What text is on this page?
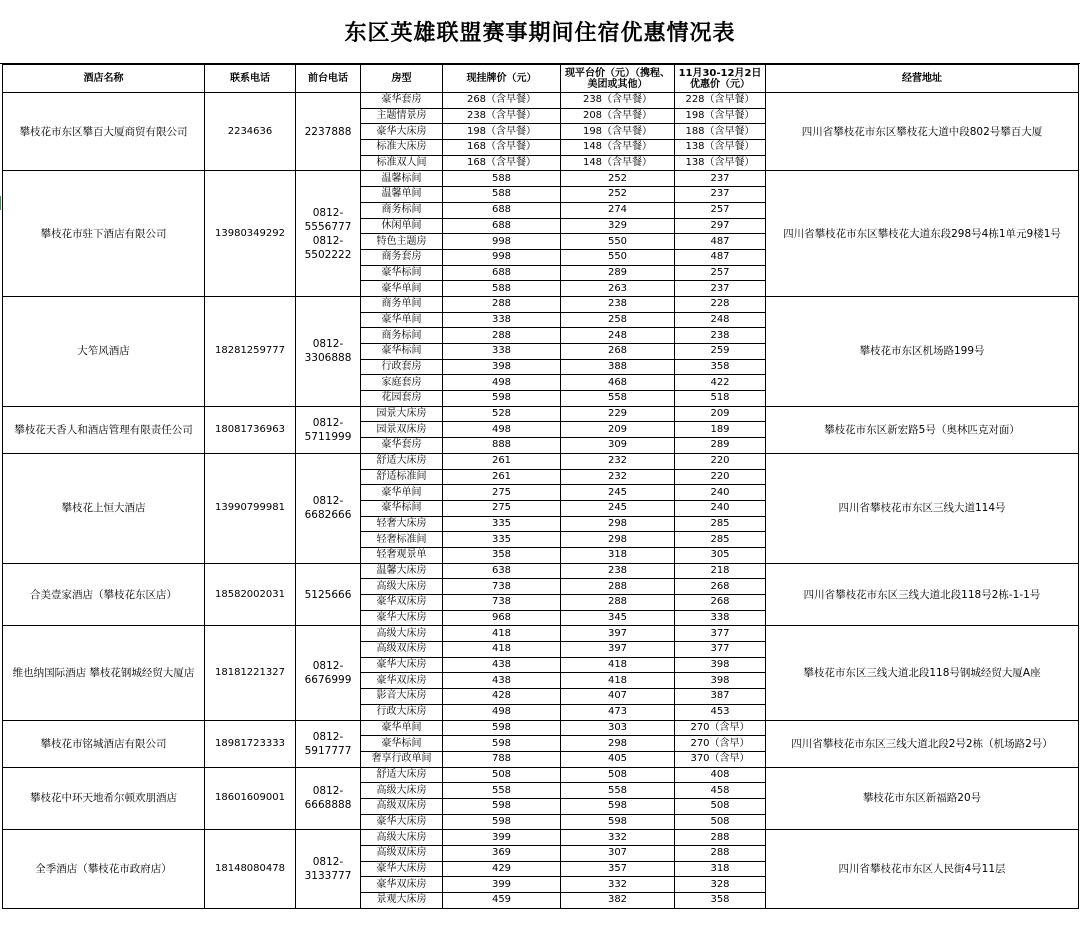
东区英雄联盟赛事期间住宿优惠情况表
酒店名称	联系电话	前台电话	房型	现挂牌价（元）	现平台价（元）（携程、美团或其他）	11月30-12月2日优惠价（元）	经营地址
攀枝花市东区攀百大厦商贸有限公司	2234636	2237888	豪华套房	268（含早餐）	238（含早餐）	228（含早餐）	四川省攀枝花市东区攀枝花大道中段802号攀百大厦
			主题情景房	238（含早餐）	208（含早餐）	198（含早餐）	
			豪华大床房	198（含早餐）	198（含早餐）	188（含早餐）	
			标准大床房	168（含早餐）	148（含早餐）	138（含早餐）	
			标准双人间	168（含早餐）	148（含早餐）	138（含早餐）	
攀枝花市驻下酒店有限公司	13980349292	0812-5556777 0812-5502222	温馨标间	588	252	237	四川省攀枝花市东区攀枝花大道东段298号4栋1单元9楼1号
			温馨单间	588	252	237	
			商务标间	688	274	257	
			休闲单间	688	329	297	
			特色主题房	998	550	487	
			商务套房	998	550	487	
			豪华标间	688	289	257	
			豪华单间	588	263	237	
大笮风酒店	18281259777	0812-3306888	商务单间	288	238	228	攀枝花市东区机场路199号
			豪华单间	338	258	248	
			商务标间	288	248	238	
			豪华标间	338	268	259	
			行政套房	398	388	358	
			家庭套房	498	468	422	
			花园套房	598	558	518	
攀枝花天香人和酒店管理有限责任公司	18081736963	0812-5711999	园景大床房	528	229	209	攀枝花市东区新宏路5号（奥林匹克对面）
			园景双床房	498	209	189	
			豪华套房	888	309	289	
攀枝花上恒大酒店	13990799981	0812-6682666	舒适大床房	261	232	220	四川省攀枝花市东区三线大道114号
			舒适标准间	261	232	220	
			豪华单间	275	245	240	
			豪华标间	275	245	240	
			轻奢大床房	335	298	285	
			轻奢标准间	335	298	285	
			轻奢观景单	358	318	305	
合美壹家酒店（攀枝花东区店）	18582002031	5125666	温馨大床房	638	238	218	四川省攀枝花市东区三线大道北段118号2栋-1-1号
			高级大床房	738	288	268	
			豪华双床房	738	288	268	
			豪华大床房	968	345	338	
维也纳国际酒店 攀枝花钢城经贸大厦店	18181221327	0812-6676999	高级大床房	418	397	377	攀枝花市东区三线大道北段118号钢城经贸大厦A座
			高级双床房	418	397	377	
			豪华大床房	438	418	398	
			豪华双床房	438	418	398	
			影音大床房	428	407	387	
			行政大床房	498	473	453	
攀枝花市铭城酒店有限公司	18981723333	0812-5917777	豪华单间	598	303	270（含早）	四川省攀枝花市东区三线大道北段2号2栋（机场路2号）
			豪华标间	598	298	270（含早）	
			奢享行政单间	788	405	370（含早）	
攀枝花中环天地希尔顿欢朋酒店	18601609001	0812-6668888	舒适大床房	508	508	408	攀枝花市东区新福路20号
			高级大床房	558	558	458	
			高级双床房	598	598	508	
			豪华大床房	598	598	508	
全季酒店（攀枝花市政府店）	18148080478	0812-3133777	高级大床房	399	332	288	四川省攀枝花市东区人民街4号11层
			高级双床房	369	307	288	
			豪华大床房	429	357	318	
			豪华双床房	399	332	328	
			景观大床房	459	382	358	
